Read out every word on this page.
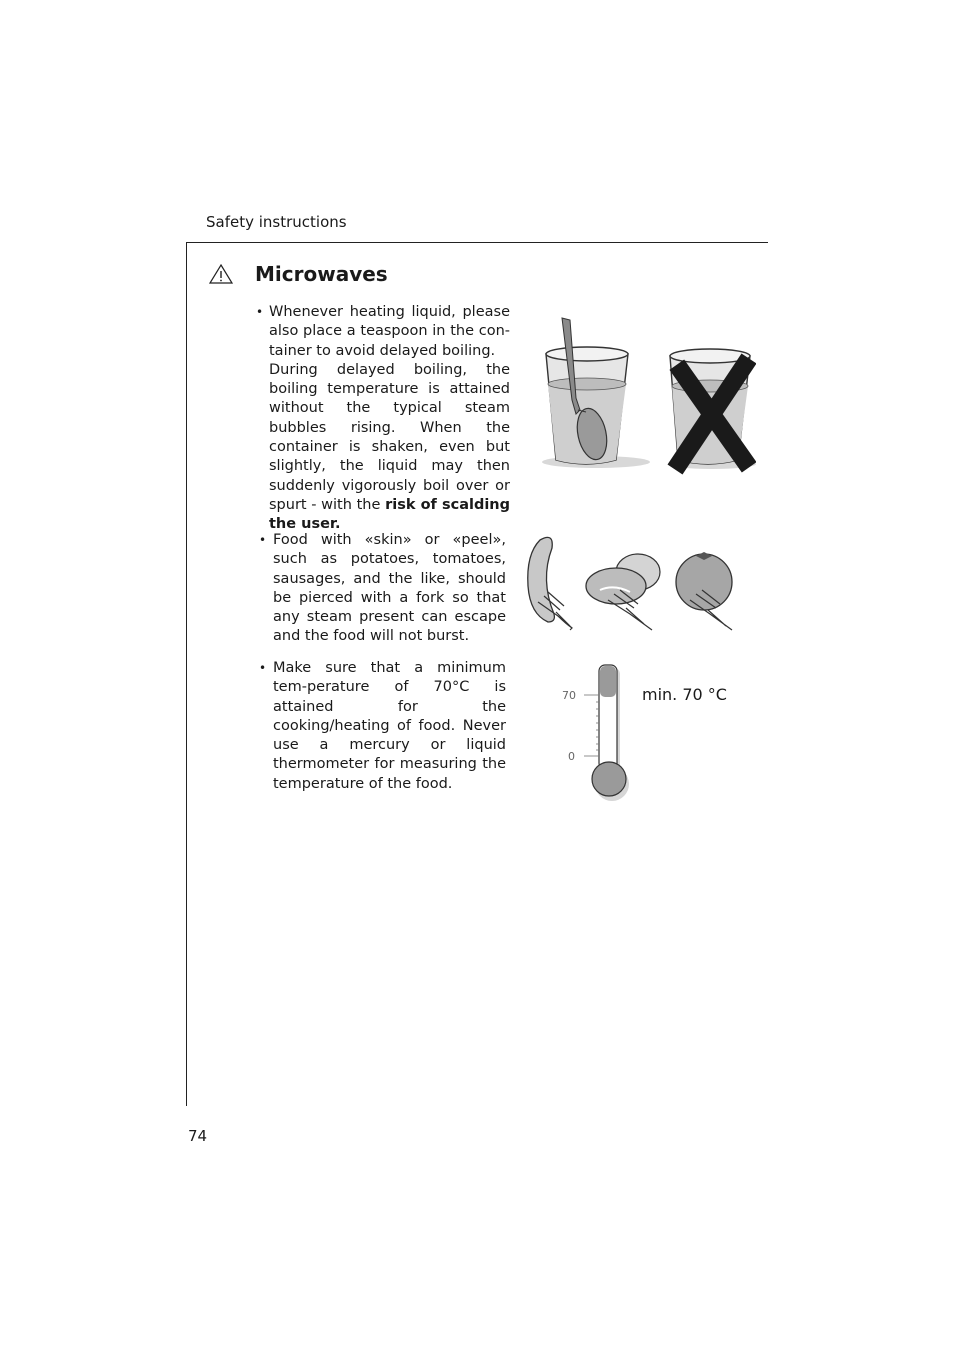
Safety instructions
Microwaves
• Whenever heating liquid, please also place a teaspoon in the con-tainer to avoid delayed boiling.

During delayed boiling, the boiling temperature is attained without the typical steam bubbles rising. When the container is shaken, even but slightly, the liquid may then suddenly vigorously boil over or spurt - with the risk of scalding the user.

• Food with «skin» or «peel», such as potatoes, tomatoes, sausages, and the like, should be pierced with a fork so that any steam present can escape and the food will not burst.

• Make sure that a minimum tem-perature of 70°C is attained for the cooking/heating of food. Never use a mercury or liquid thermometer for measuring the temperature of the food.

70
0
min. 70 °C
74
